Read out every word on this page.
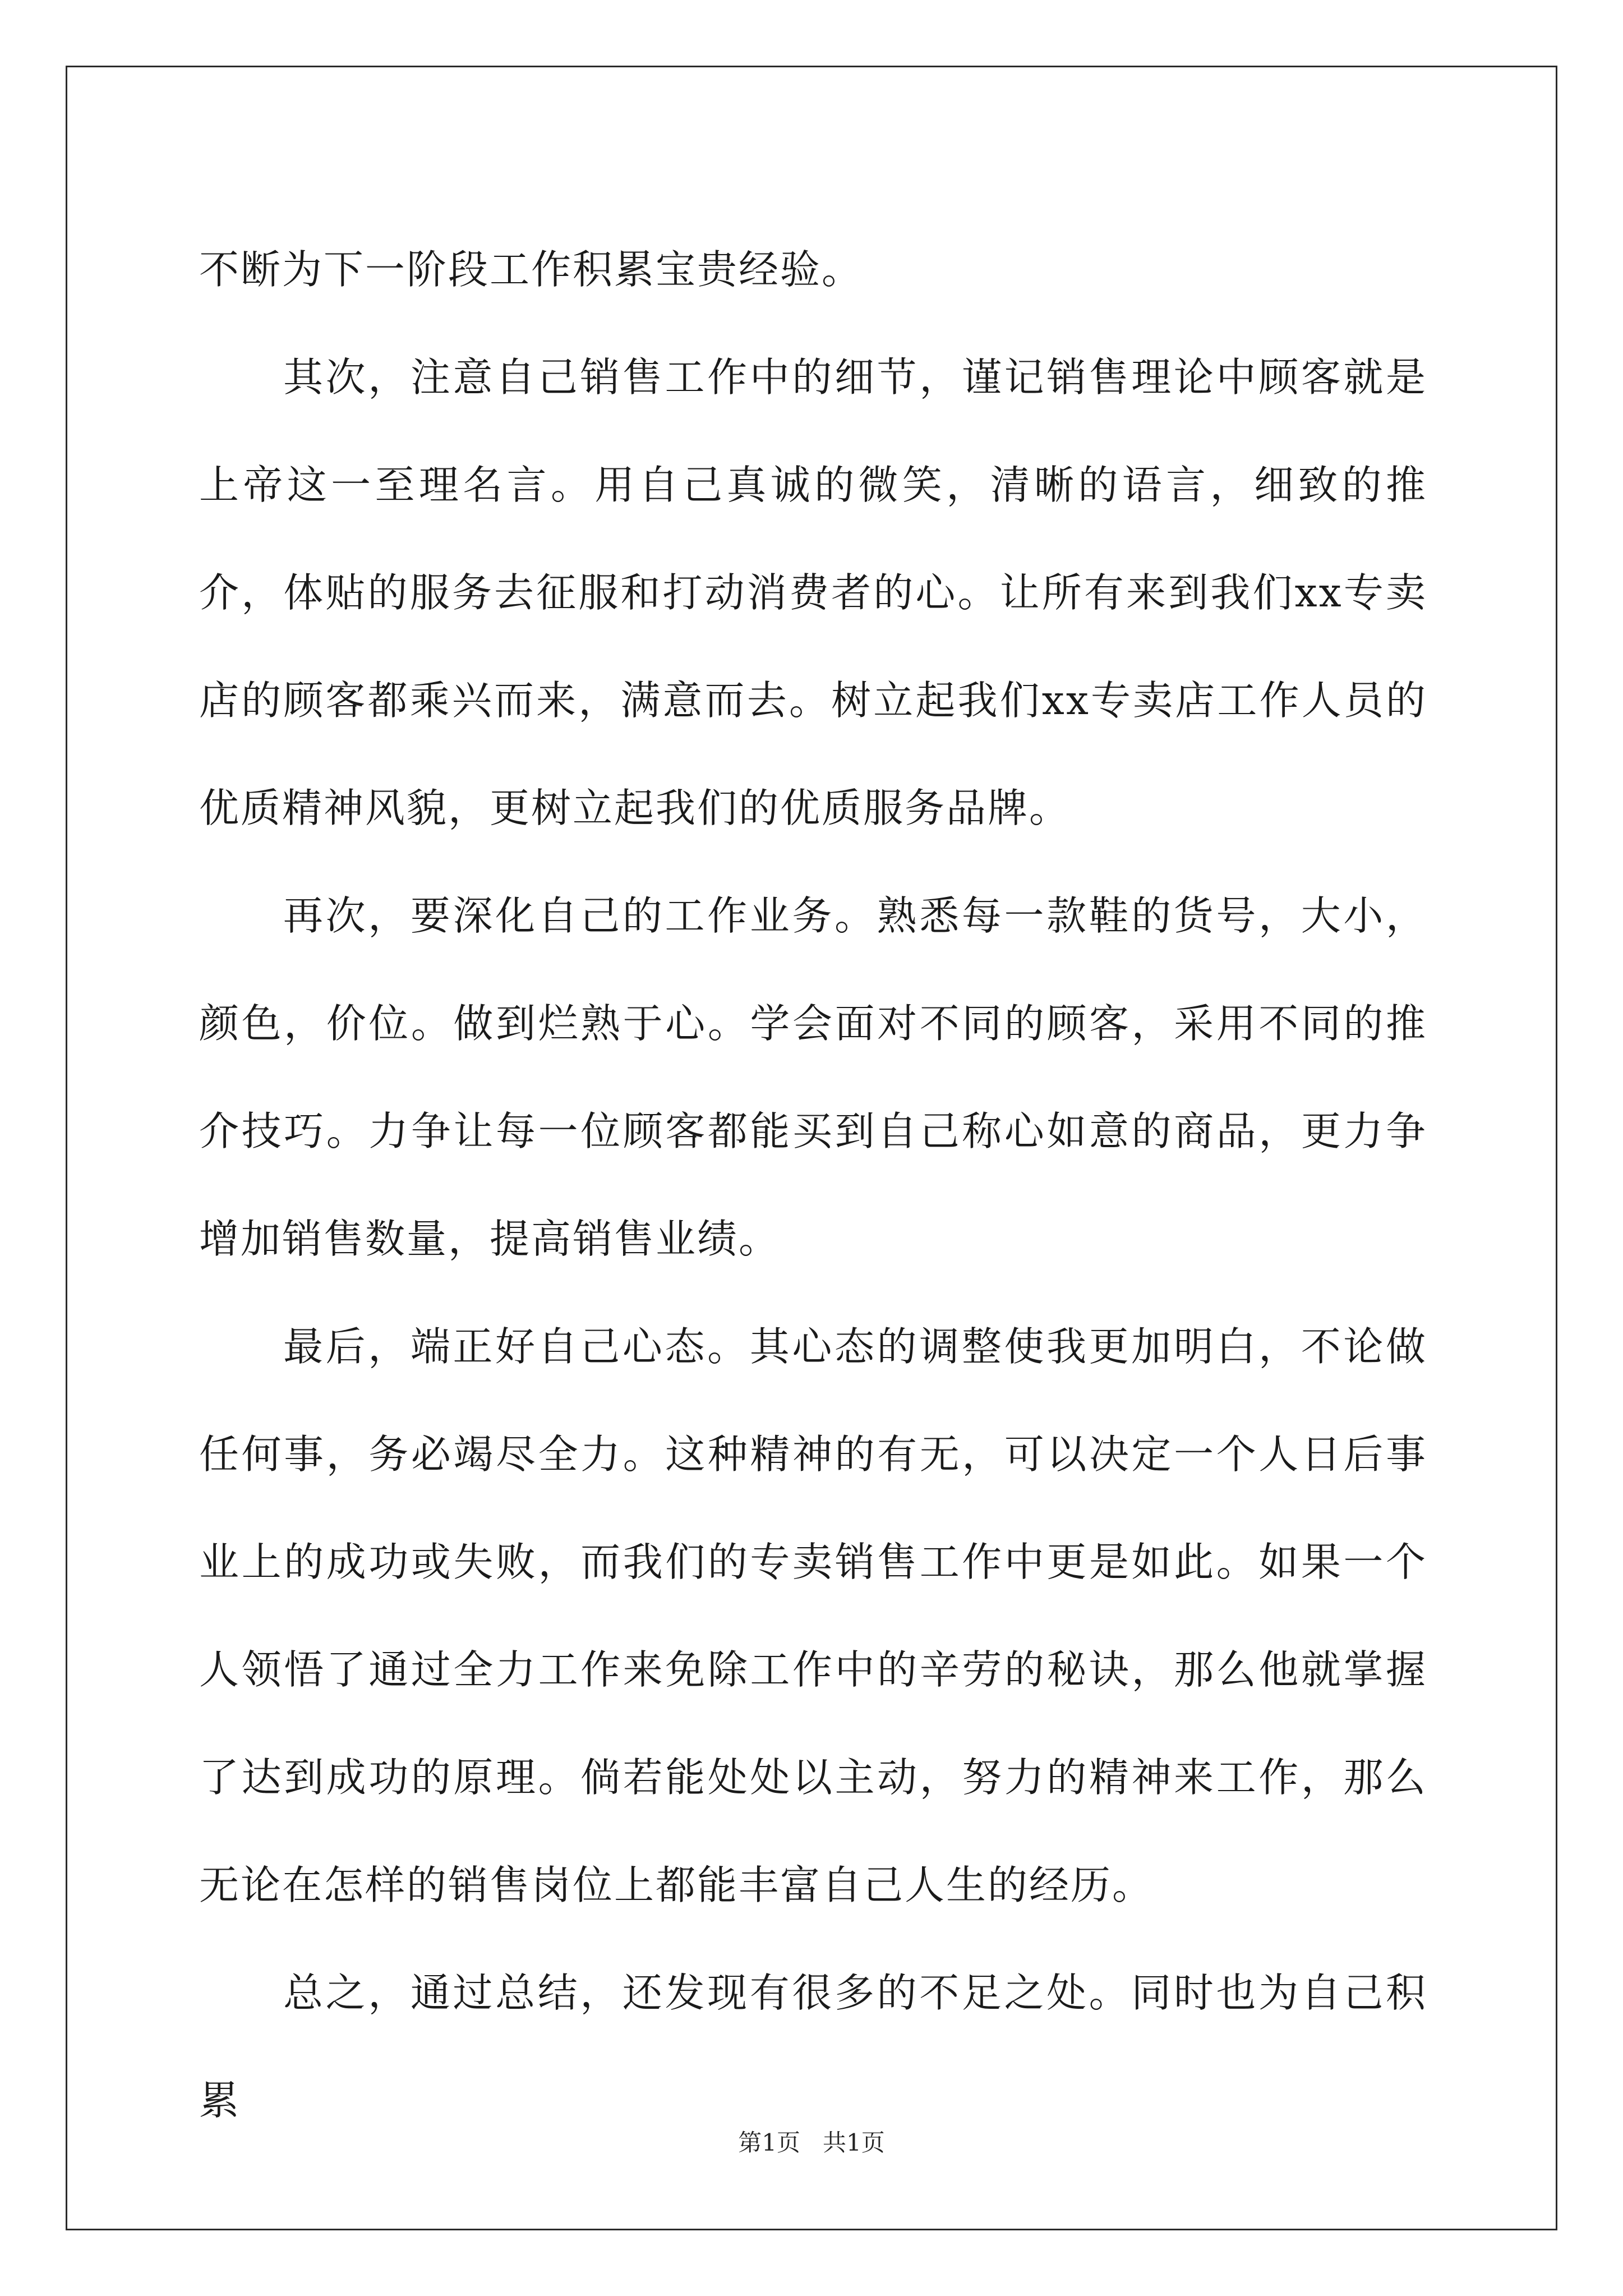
不断为下一阶段工作积累宝贵经验。

其次，注意自己销售工作中的细节，谨记销售理论中顾客就是上帝这一至理名言。用自己真诚的微笑，清晰的语言，细致的推介，体贴的服务去征服和打动消费者的心。让所有来到我们xx专卖店的顾客都乘兴而来，满意而去。树立起我们xx专卖店工作人员的优质精神风貌，更树立起我们的优质服务品牌。

再次，要深化自己的工作业务。熟悉每一款鞋的货号，大小，颜色，价位。做到烂熟于心。学会面对不同的顾客，采用不同的推介技巧。力争让每一位顾客都能买到自己称心如意的商品，更力争增加销售数量，提高销售业绩。

最后，端正好自己心态。其心态的调整使我更加明白，不论做任何事，务必竭尽全力。这种精神的有无，可以决定一个人日后事业上的成功或失败，而我们的专卖销售工作中更是如此。如果一个人领悟了通过全力工作来免除工作中的辛劳的秘诀，那么他就掌握了达到成功的原理。倘若能处处以主动，努力的精神来工作，那么无论在怎样的销售岗位上都能丰富自己人生的经历。

总之，通过总结，还发现有很多的不足之处。同时也为自己积累

第1页   共1页
